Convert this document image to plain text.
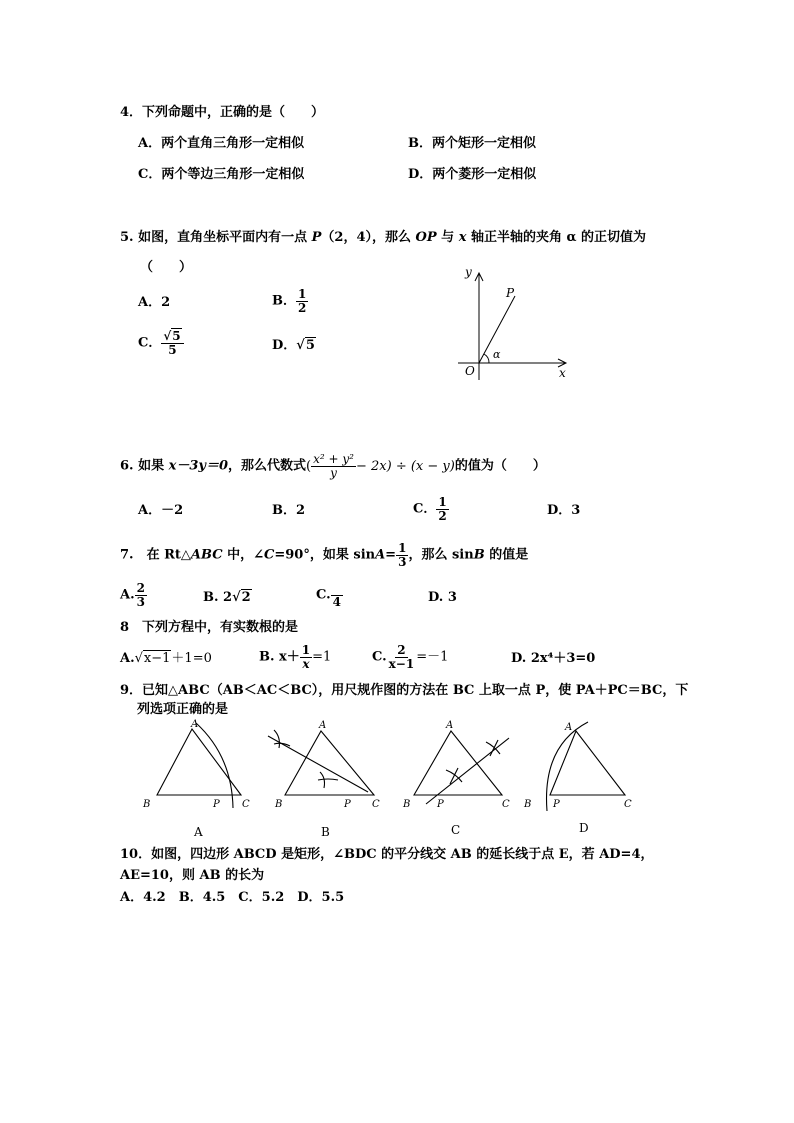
4．下列命题中，正确的是（　　）
A．两个直角三角形一定相似	B．两个矩形一定相似
C．两个等边三角形一定相似	D．两个菱形一定相似
5. 如图，直角坐标平面内有一点 P（2，4），那么 OP 与 x 轴正半轴的夹角 α 的正切值为
（　　）
A．2	B． $\frac{1}{2}$
C． $\frac{√5}{5}$	D．√5
y
x
O
P
α
6. 如果 x－3y＝0，那么代数式( $\frac{\text{x² + y²}}{y} - 2x) \div (x - y)$的值为（　　）
A．－2	B．2	C． $\frac{1}{2}$	D．3
7.　在 Rt△ABC 中，∠C=90°，如果 $\sin A= \frac{1}{3}$ ，那么 sinB 的值是
A. $\frac{2}{3}$	B. 2√2	C. 4	D. 3
8　下列方程中，有实数根的是
A.√x−1＋1=0	B. $x+ \frac{1}{x} =1$	C. $\frac{2}{x-1} =-1$	D. 2x⁴＋3=0
9．已知△ABC（AB＜AC＜BC），用尺规作图的方法在 BC 上取一点 P，使 PA＋PC＝BC，下
列选项正确的是
A
B	C
P
A
B	C
P
A
B	C
P
A
B	C
P
A	B	C	D
10．如图，四边形 ABCD 是矩形，∠BDC 的平分线交 AB 的延长线于点 E，若 AD=4，
AE=10，则 AB 的长为
A．4.2　B．4.5　C．5.2　D．5.5
